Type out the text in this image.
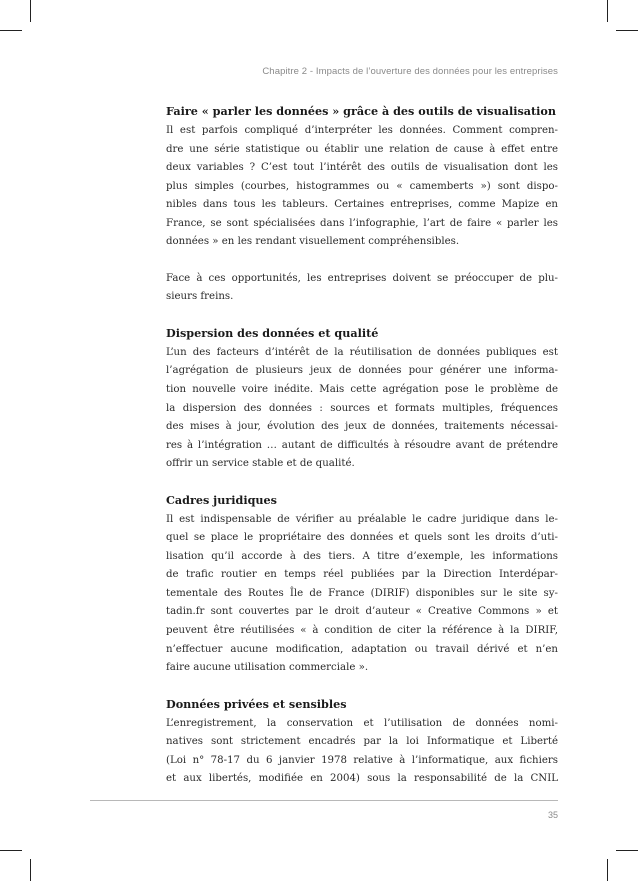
Chapitre 2 - Impacts de l’ouverture des données pour les entreprises
Faire « parler les données » grâce à des outils de visualisation
Il est parfois compliqué d’interpréter les données. Comment compren-
dre une série statistique ou établir une relation de cause à effet entre
deux variables ? C’est tout l’intérêt des outils de visualisation dont les
plus simples (courbes, histogrammes ou « camemberts ») sont dispo-
nibles dans tous les tableurs. Certaines entreprises, comme Mapize en
France, se sont spécialisées dans l’infographie, l’art de faire « parler les
données » en les rendant visuellement compréhensibles.
Face à ces opportunités, les entreprises doivent se préoccuper de plu-
sieurs freins.
Dispersion des données et qualité
L’un des facteurs d’intérêt de la réutilisation de données publiques est
l’agrégation de plusieurs jeux de données pour générer une informa-
tion nouvelle voire inédite. Mais cette agrégation pose le problème de
la dispersion des données : sources et formats multiples, fréquences
des mises à jour, évolution des jeux de données, traitements nécessai-
res à l’intégration … autant de difficultés à résoudre avant de prétendre
offrir un service stable et de qualité.
Cadres juridiques
Il est indispensable de vérifier au préalable le cadre juridique dans le-
quel se place le propriétaire des données et quels sont les droits d’uti-
lisation qu’il accorde à des tiers. A titre d’exemple, les informations
de trafic routier en temps réel publiées par la Direction Interdépar-
tementale des Routes Île de France (DIRIF) disponibles sur le site sy-
tadin.fr sont couvertes par le droit d’auteur « Creative Commons » et
peuvent être réutilisées « à condition de citer la référence à la DIRIF,
n’effectuer aucune modification, adaptation ou travail dérivé et n’en
faire aucune utilisation commerciale ».
Données privées et sensibles
L’enregistrement, la conservation et l’utilisation de données nomi-
natives sont strictement encadrés par la loi Informatique et Liberté
(Loi n° 78-17 du 6 janvier 1978 relative à l’informatique, aux fichiers
et aux libertés, modifiée en 2004) sous la responsabilité de la CNIL
35
